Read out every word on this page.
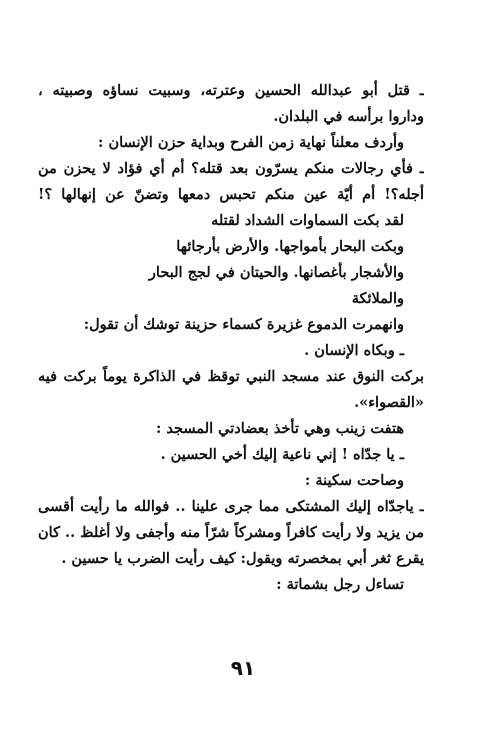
ـ قتل أبو عبدالله الحسين وعترته، وسبيت نساؤه وصبيته ،
وداروا برأسه في البلدان.
وأردف معلناً نهاية زمن الفرح وبداية حزن الإنسان :
ـ فأي رجالات منكم يسرّون بعد قتله؟ أم أي فؤاد لا يحزن من
أجله؟! أم أيّة عين منكم تحبس دمعها وتضنّ عن إنهالها ؟!
لقد بكت السماوات الشداد لقتله
وبكت البحار بأمواجها. والأرض بأرجائها
والأشجار بأغصانها. والحيتان في لجج البحار
والملائكة
وانهمرت الدموع غزيرة كسماء حزينة توشك أن تقول:
ـ وبكاه الإنسان .
بركت النوق عند مسجد النبي توقظ في الذاكرة يوماً بركت فيه
«القصواء».
هتفت زينب وهي تأخذ بعضادتي المسجد :
ـ يا جدّاه ! إني ناعية إليك أخي الحسين .
وصاحت سكينة :
ـ ياجدّاه إليك المشتكى مما جرى علينا .. فوالله ما رأيت أقسى
من يزيد ولا رأيت كافراً ومشركاً شرّاً منه وأجفى ولا أغلظ .. كان
يقرع ثغر أبي بمخصرته ويقول: كيف رأيت الضرب يا حسين .
تساءل رجل بشماتة :
٩١
